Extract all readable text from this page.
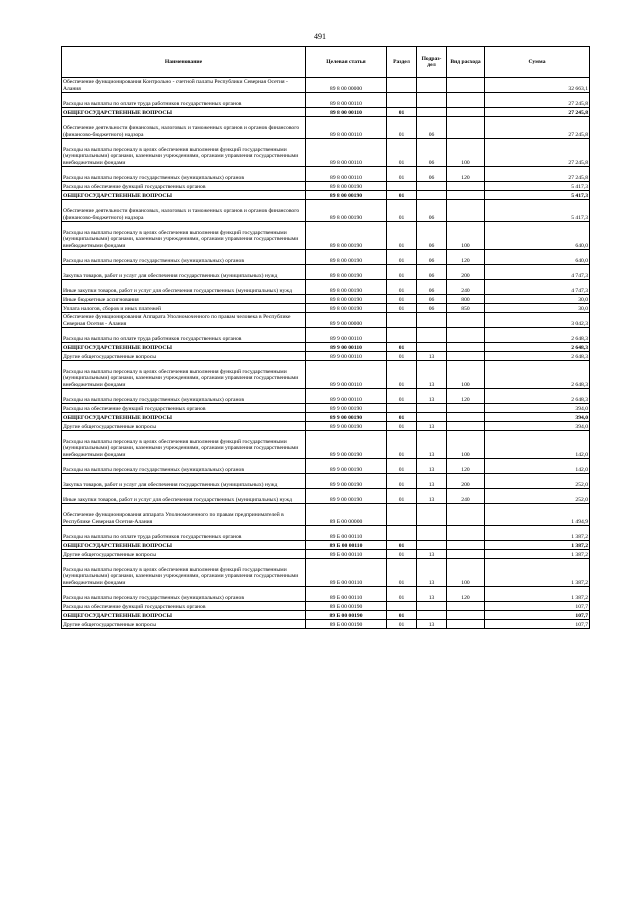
491
Наименование	Целевая статья	Раздел	Подраз-дел	Вид расхода	Сумма
Обеспечение функционирования Контрольно - счетной палаты Республики Северная Осетия - Алания	89 8 00 00000				32 663,1
Расходы на выплаты по оплате труда работников государственных органов	89 8 00 00110				27 245,8
ОБЩЕГОСУДАРСТВЕННЫЕ ВОПРОСЫ	89 8 00 00110	01			27 245,8
Обеспечение деятельности финансовых, налоговых и таможенных органов и органов финансового (финансово-бюджетного) надзора	89 8 00 00110	01	06		27 245,8
Расходы на выплаты персоналу в целях обеспечения выполнения функций государственными (муниципальными) органами, казенными учреждениями, органами управления государственными внебюджетными фондами	89 8 00 00110	01	06	100	27 245,8
Расходы на выплаты персоналу государственных (муниципальных) органов	89 8 00 00110	01	06	120	27 245,8
Расходы на обеспечение функций государственных органов	89 8 00 00190				5 417,3
ОБЩЕГОСУДАРСТВЕННЫЕ ВОПРОСЫ	89 8 00 00190	01			5 417,3
Обеспечение деятельности финансовых, налоговых и таможенных органов и органов финансового (финансово-бюджетного) надзора	89 8 00 00190	01	06		5 417,3
Расходы на выплаты персоналу в целях обеспечения выполнения функций государственными (муниципальными) органами, казенными учреждениями, органами управления государственными внебюджетными фондами	89 8 00 00190	01	06	100	640,0
Расходы на выплаты персоналу государственных (муниципальных) органов	89 8 00 00190	01	06	120	640,0
Закупка товаров, работ и услуг для обеспечения государственных (муниципальных) нужд	89 8 00 00190	01	06	200	4 747,3
Иные закупки товаров, работ и услуг для обеспечения государственных (муниципальных) нужд	89 8 00 00190	01	06	240	4 747,3
Иные бюджетные ассигнования	89 8 00 00190	01	06	800	30,0
Уплата налогов, сборов и иных платежей	89 8 00 00190	01	06	850	30,0
Обеспечение функционирования Аппарата Уполномоченного по правам человека в Республике Северная Осетия - Алания	89 9 00 00000				3 042,3
Расходы на выплаты по оплате труда работников государственных органов	89 9 00 00110				2 648,3
ОБЩЕГОСУДАРСТВЕННЫЕ ВОПРОСЫ	89 9 00 00110	01			2 648,3
Другие общегосударственные вопросы	89 9 00 00110	01	13		2 648,3
Расходы на выплаты персоналу в целях обеспечения выполнения функций государственными (муниципальными) органами, казенными учреждениями, органами управления государственными внебюджетными фондами	89 9 00 00110	01	13	100	2 648,3
Расходы на выплаты персоналу государственных (муниципальных) органов	89 9 00 00110	01	13	120	2 648,3
Расходы на обеспечение функций государственных органов	89 9 00 00190				394,0
ОБЩЕГОСУДАРСТВЕННЫЕ ВОПРОСЫ	89 9 00 00190	01			394,0
Другие общегосударственные вопросы	89 9 00 00190	01	13		394,0
Расходы на выплаты персоналу в целях обеспечения выполнения функций государственными (муниципальными) органами, казенными учреждениями, органами управления государственными внебюджетными фондами	89 9 00 00190	01	13	100	142,0
Расходы на выплаты персоналу государственных (муниципальных) органов	89 9 00 00190	01	13	120	142,0
Закупка товаров, работ и услуг для обеспечения государственных (муниципальных) нужд	89 9 00 00190	01	13	200	252,0
Иные закупки товаров, работ и услуг для обеспечения государственных (муниципальных) нужд	89 9 00 00190	01	13	240	252,0
Обеспечение функционирования аппарата Уполномоченного по правам предпринимателей в Республике Северная Осетия-Алания	89 Б 00 00000				1 494,9
Расходы на выплаты по оплате труда работников государственных органов	89 Б 00 00110				1 387,2
ОБЩЕГОСУДАРСТВЕННЫЕ ВОПРОСЫ	89 Б 00 00110	01			1 387,2
Другие общегосударственные вопросы	89 Б 00 00110	01	13		1 387,2
Расходы на выплаты персоналу в целях обеспечения выполнения функций государственными (муниципальными) органами, казенными учреждениями, органами управления государственными внебюджетными фондами	89 Б 00 00110	01	13	100	1 387,2
Расходы на выплаты персоналу государственных (муниципальных) органов	89 Б 00 00110	01	13	120	1 387,2
Расходы на обеспечение функций государственных органов	89 Б 00 00190				107,7
ОБЩЕГОСУДАРСТВЕННЫЕ ВОПРОСЫ	89 Б 00 00190	01			107,7
Другие общегосударственные вопросы	89 Б 00 00190	01	13		107,7
